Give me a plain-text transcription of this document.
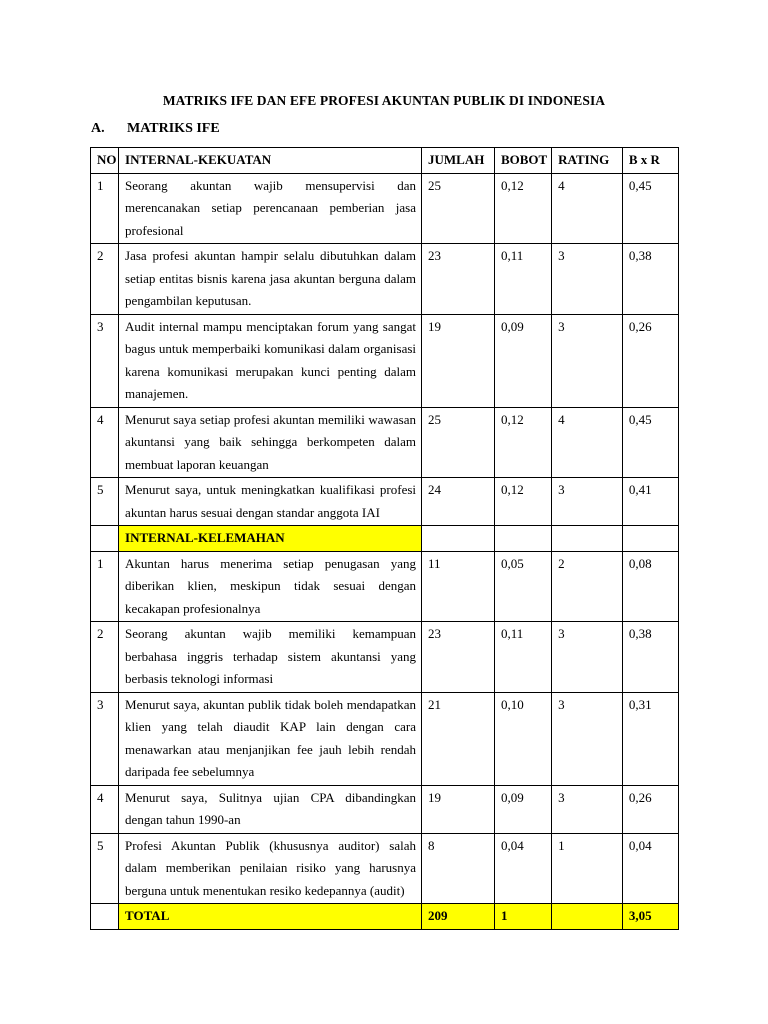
MATRIKS IFE DAN EFE PROFESI AKUNTAN PUBLIK DI INDONESIA
A. MATRIKS IFE
NO	INTERNAL-KEKUATAN	JUMLAH	BOBOT	RATING	B x R
1	Seorang akuntan wajib mensupervisi dan merencanakan setiap perencanaan pemberian jasa profesional	25	0,12	4	0,45
2	Jasa profesi akuntan hampir selalu dibutuhkan dalam setiap entitas bisnis karena jasa akuntan berguna dalam pengambilan keputusan.	23	0,11	3	0,38
3	Audit internal mampu menciptakan forum yang sangat bagus untuk memperbaiki komunikasi dalam organisasi karena komunikasi merupakan kunci penting dalam manajemen.	19	0,09	3	0,26
4	Menurut saya setiap profesi akuntan memiliki wawasan akuntansi yang baik sehingga berkompeten dalam membuat laporan keuangan	25	0,12	4	0,45
5	Menurut saya, untuk meningkatkan kualifikasi profesi akuntan harus sesuai dengan standar anggota IAI	24	0,12	3	0,41
	INTERNAL-KELEMAHAN				
1	Akuntan harus menerima setiap penugasan yang diberikan klien, meskipun tidak sesuai dengan kecakapan profesionalnya	11	0,05	2	0,08
2	Seorang akuntan wajib memiliki kemampuan berbahasa inggris terhadap sistem akuntansi yang berbasis teknologi informasi	23	0,11	3	0,38
3	Menurut saya, akuntan publik tidak boleh mendapatkan klien yang telah diaudit KAP lain dengan cara menawarkan atau menjanjikan fee jauh lebih rendah daripada fee sebelumnya	21	0,10	3	0,31
4	Menurut saya, Sulitnya ujian CPA dibandingkan dengan tahun 1990-an	19	0,09	3	0,26
5	Profesi Akuntan Publik (khususnya auditor) salah dalam memberikan penilaian risiko yang harusnya berguna untuk menentukan resiko kedepannya (audit)	8	0,04	1	0,04
	TOTAL	209	1		3,05
